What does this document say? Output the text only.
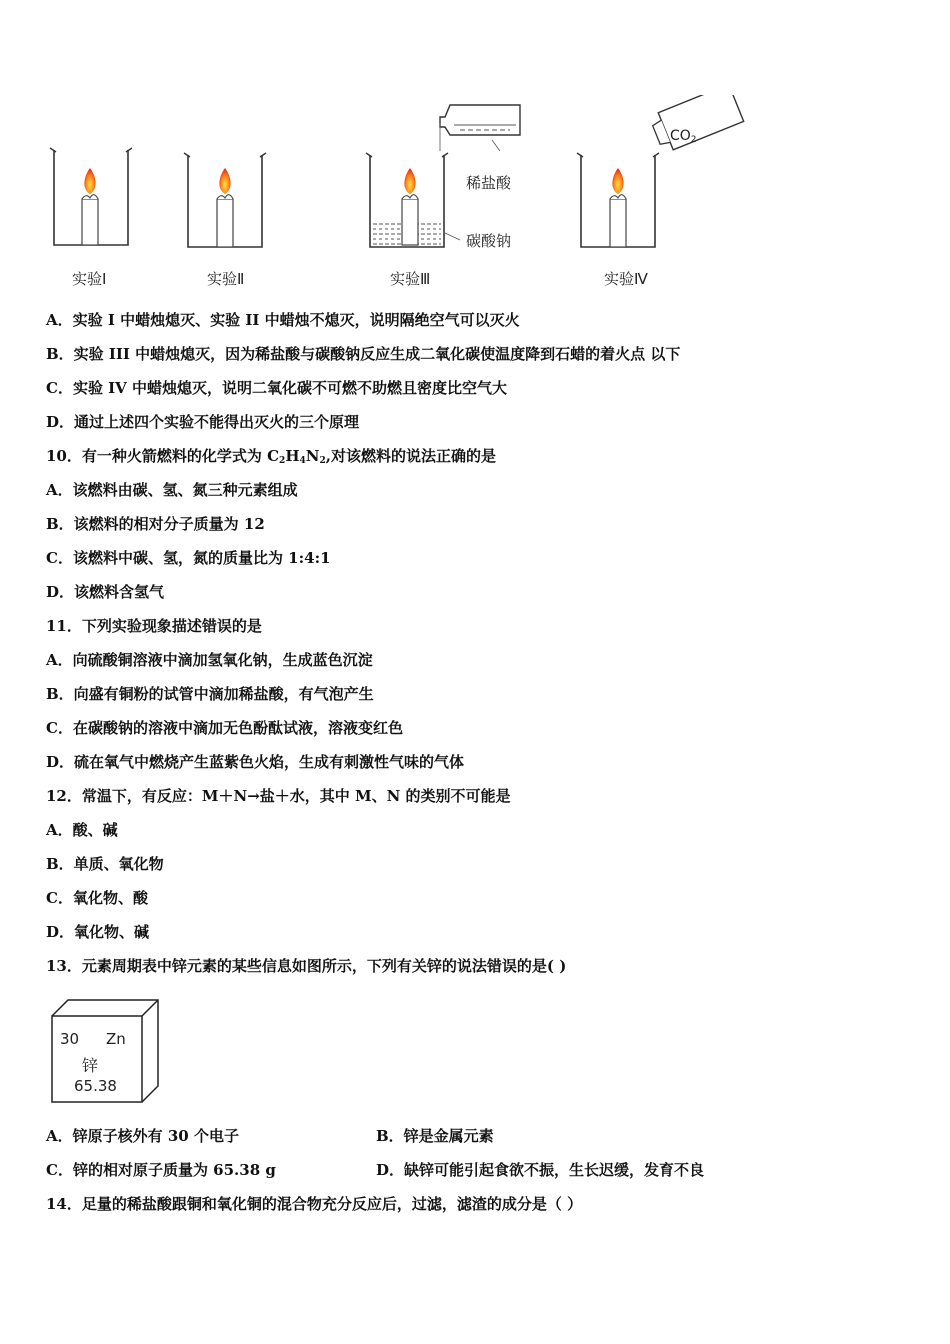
稀盐酸
碳酸钠
$CO_2$
实验Ⅰ	实验Ⅱ	实验Ⅲ	实验Ⅳ
A．实验 I 中蜡烛熄灭、实验 II 中蜡烛不熄灭，说明隔绝空气可以灭火
B．实验 III 中蜡烛熄灭，因为稀盐酸与碳酸钠反应生成二氧化碳使温度降到石蜡的着火点 以下
C．实验 IV 中蜡烛熄灭，说明二氧化碳不可燃不助燃且密度比空气大
D．通过上述四个实验不能得出灭火的三个原理
10．有一种火箭燃料的化学式为 $C_2H_4N_2$,对该燃料的说法正确的是
A．该燃料由碳、氢、氮三种元素组成
B．该燃料的相对分子质量为 12
C．该燃料中碳、氢，氮的质量比为 1:4:1
D．该燃料含氢气
11．下列实验现象描述错误的是
A．向硫酸铜溶液中滴加氢氧化钠，生成蓝色沉淀
B．向盛有铜粉的试管中滴加稀盐酸，有气泡产生
C．在碳酸钠的溶液中滴加无色酚酞试液，溶液变红色
D．硫在氧气中燃烧产生蓝紫色火焰，生成有刺激性气味的气体
12．常温下，有反应：M＋N→盐＋水，其中 M、N 的类别不可能是
A．酸、碱
B．单质、氧化物
C．氧化物、酸
D．氧化物、碱
13．元素周期表中锌元素的某些信息如图所示，下列有关锌的说法错误的是( )
30 Zn
锌
65.38
A．锌原子核外有 30 个电子	B．锌是金属元素
C．锌的相对原子质量为 65.38 g	D．缺锌可能引起食欲不振，生长迟缓，发育不良
14．足量的稀盐酸跟铜和氧化铜的混合物充分反应后，过滤，滤渣的成分是（ ）
